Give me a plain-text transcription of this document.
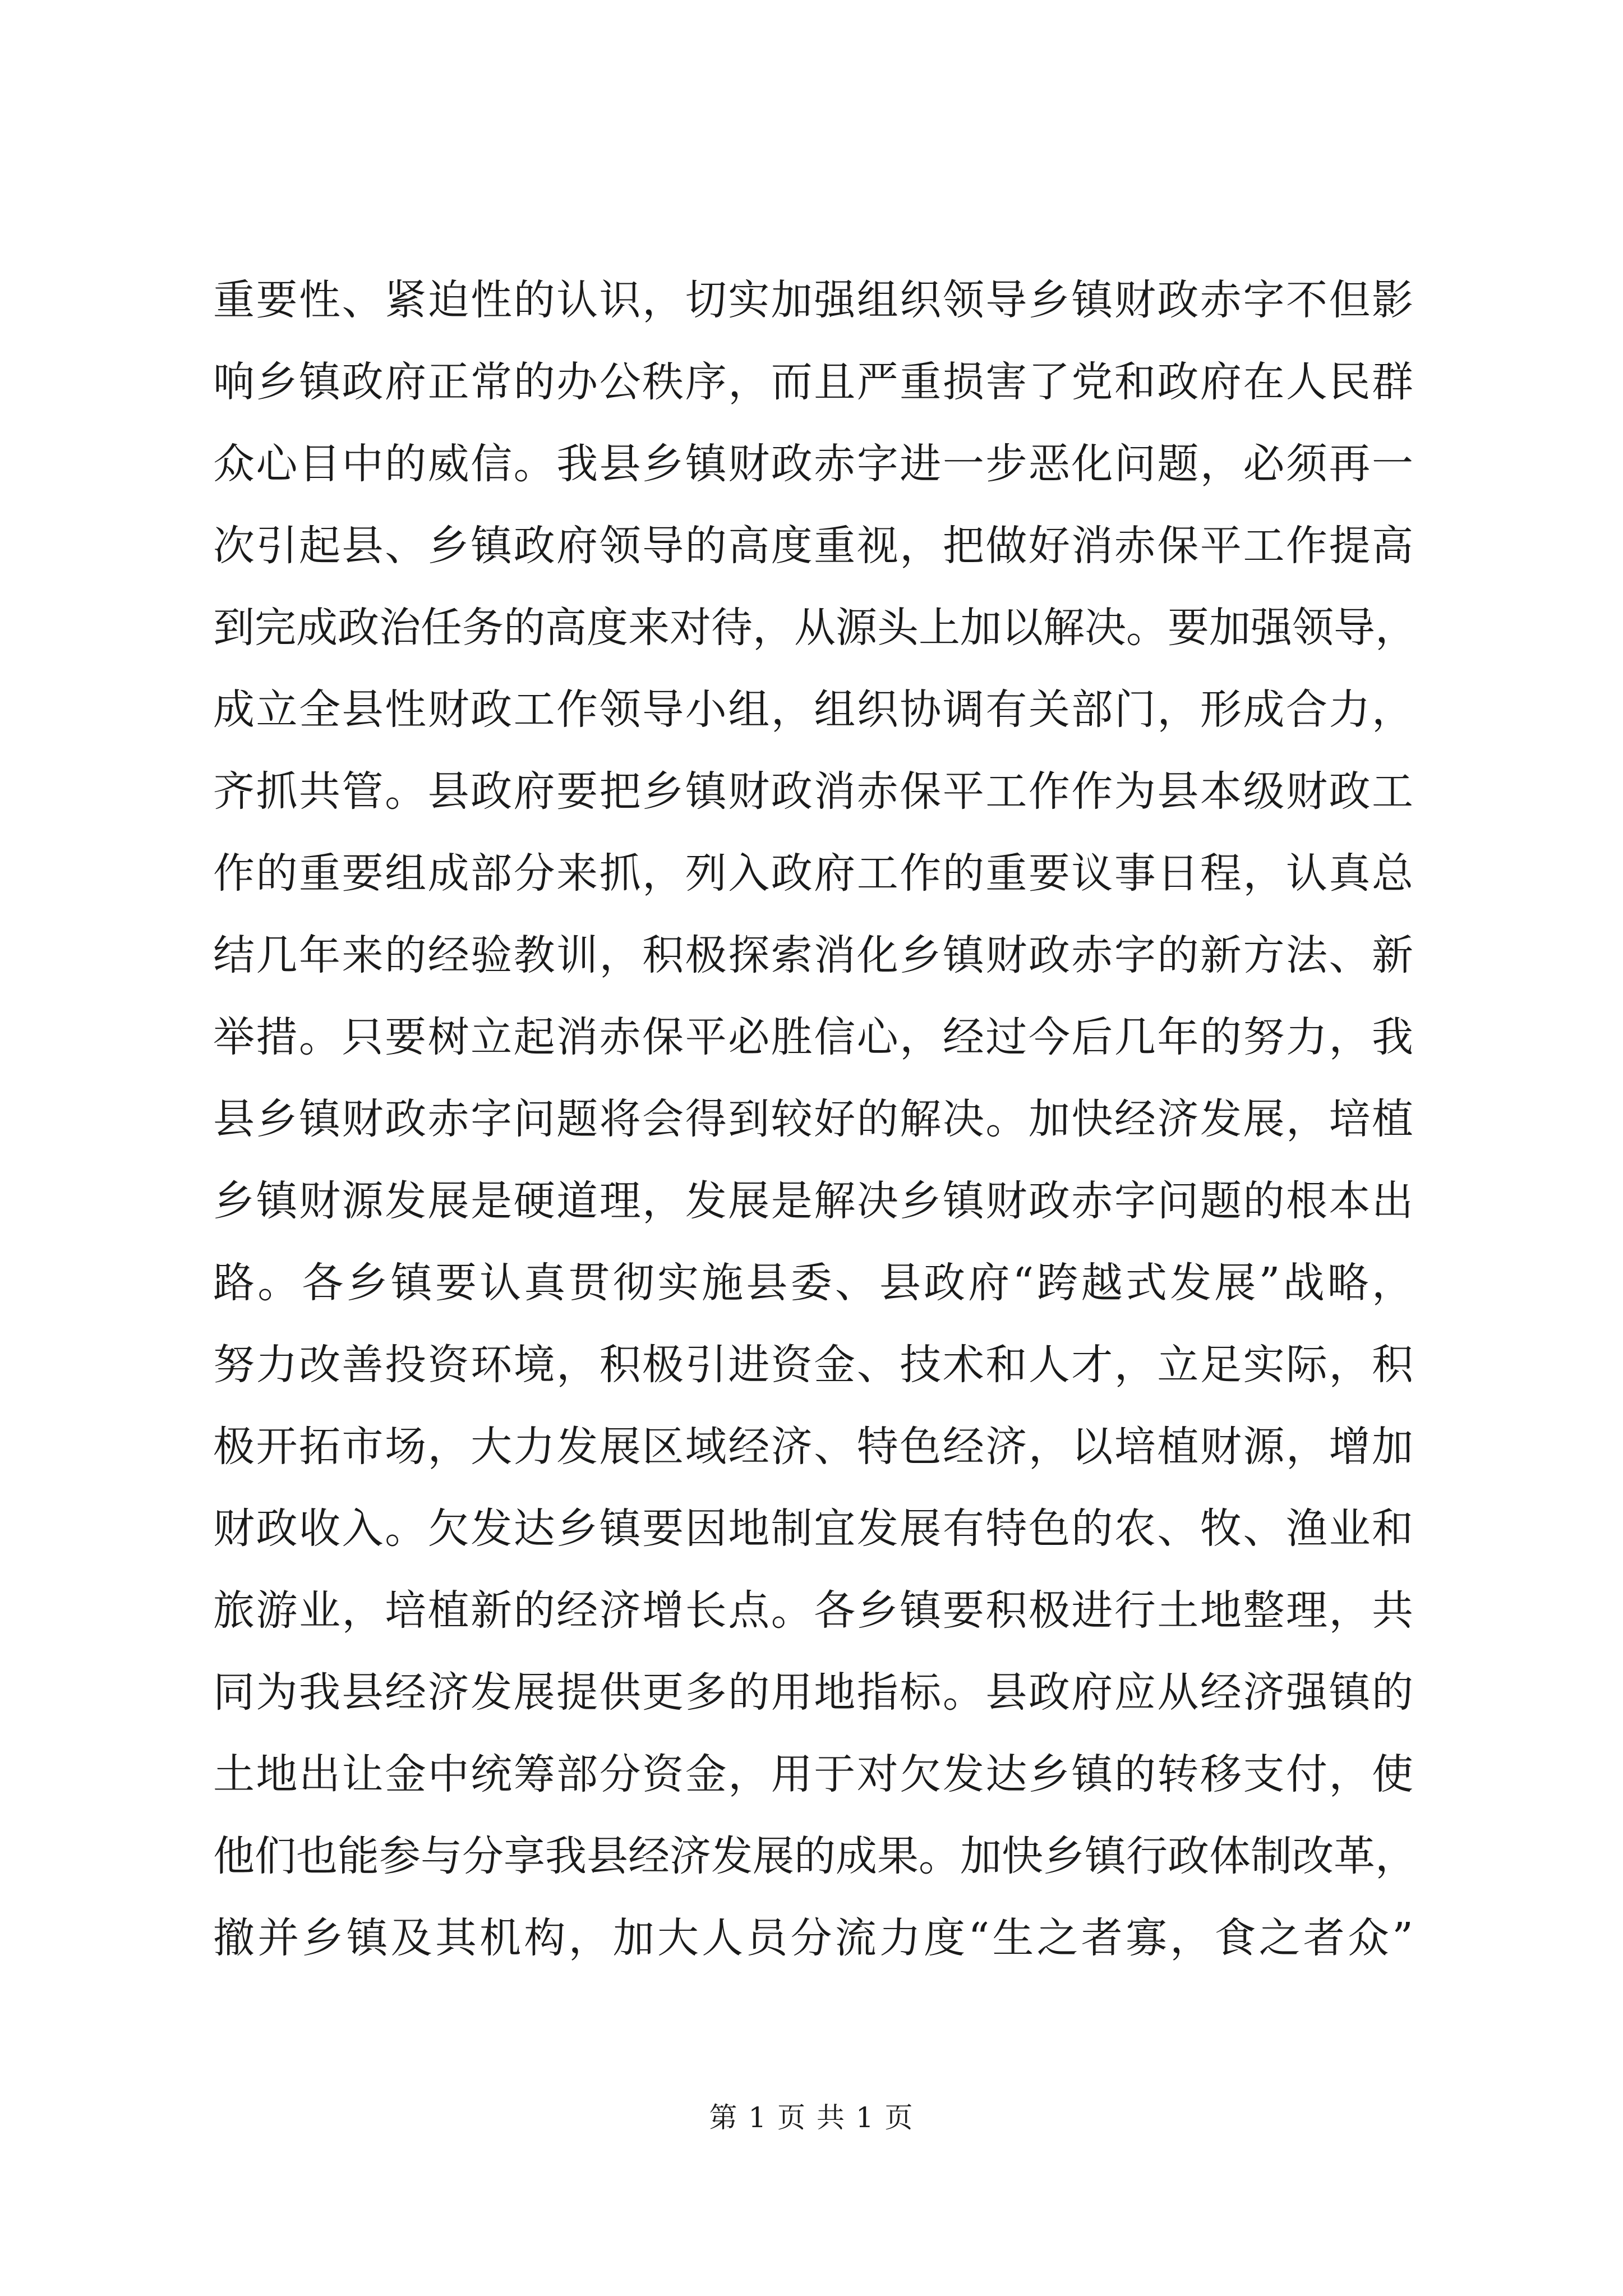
重要性、紧迫性的认识，切实加强组织领导乡镇财政赤字不但影
响乡镇政府正常的办公秩序，而且严重损害了党和政府在人民群
众心目中的威信。我县乡镇财政赤字进一步恶化问题，必须再一
次引起县、乡镇政府领导的高度重视，把做好消赤保平工作提高
到完成政治任务的高度来对待，从源头上加以解决。要加强领导，
成立全县性财政工作领导小组，组织协调有关部门，形成合力，
齐抓共管。县政府要把乡镇财政消赤保平工作作为县本级财政工
作的重要组成部分来抓，列入政府工作的重要议事日程，认真总
结几年来的经验教训，积极探索消化乡镇财政赤字的新方法、新
举措。只要树立起消赤保平必胜信心，经过今后几年的努力，我
县乡镇财政赤字问题将会得到较好的解决。加快经济发展，培植
乡镇财源发展是硬道理，发展是解决乡镇财政赤字问题的根本出
路。各乡镇要认真贯彻实施县委、县政府“跨越式发展”战略，
努力改善投资环境，积极引进资金、技术和人才，立足实际，积
极开拓市场，大力发展区域经济、特色经济，以培植财源，增加
财政收入。欠发达乡镇要因地制宜发展有特色的农、牧、渔业和
旅游业，培植新的经济增长点。各乡镇要积极进行土地整理，共
同为我县经济发展提供更多的用地指标。县政府应从经济强镇的
土地出让金中统筹部分资金，用于对欠发达乡镇的转移支付，使
他们也能参与分享我县经济发展的成果。加快乡镇行政体制改革，
撤并乡镇及其机构，加大人员分流力度“生之者寡，食之者众”
第 1 页 共 1 页
